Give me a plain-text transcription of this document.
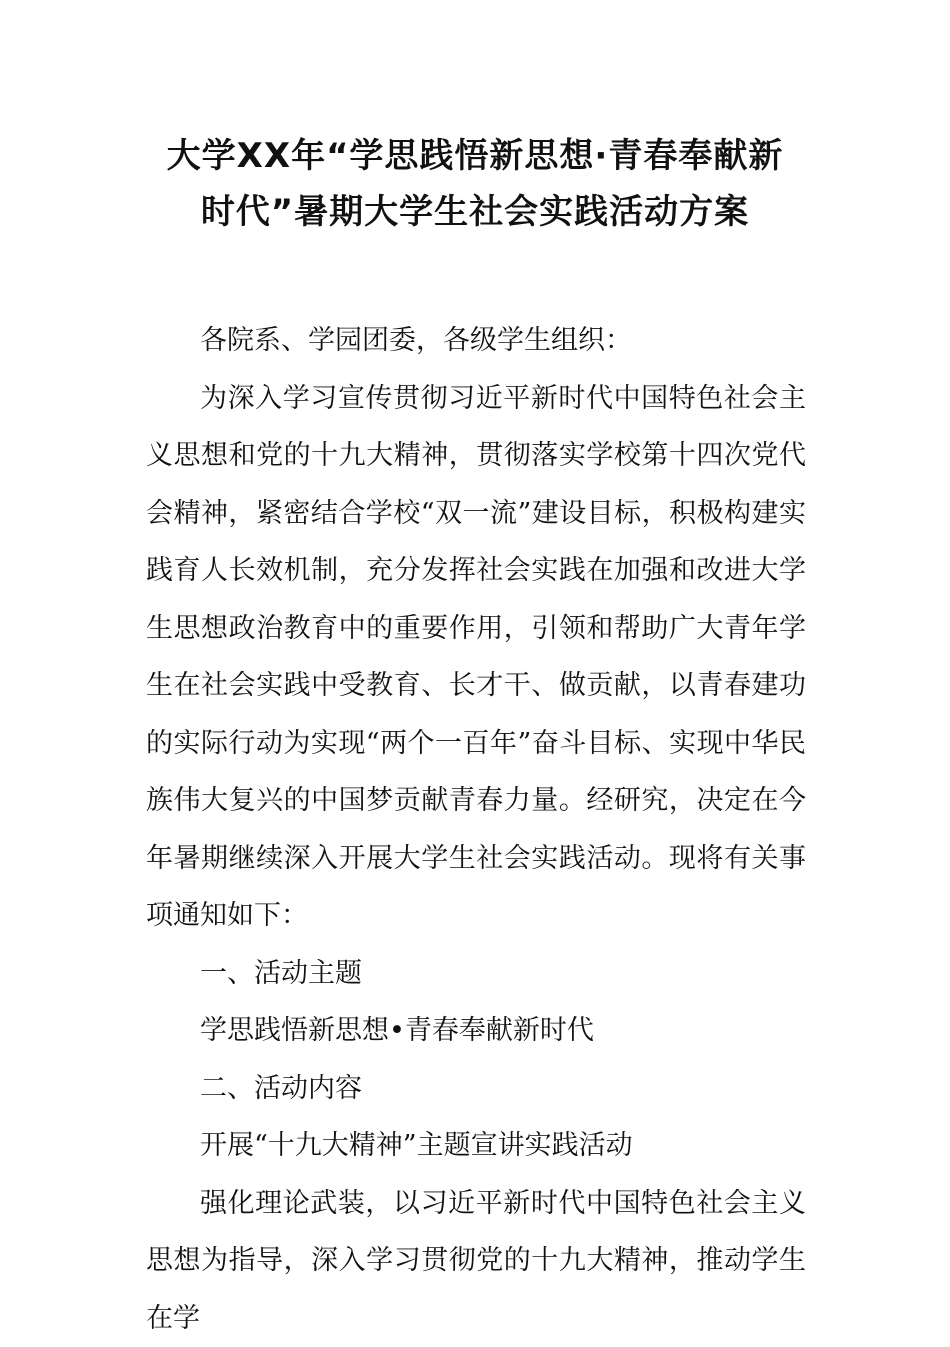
大学XX年“学思践悟新思想·青春奉献新
时代”暑期大学生社会实践活动方案

各院系、学园团委，各级学生组织：

为深入学习宣传贯彻习近平新时代中国特色社会主义思想和党的十九大精神，贯彻落实学校第十四次党代会精神，紧密结合学校“双一流”建设目标，积极构建实践育人长效机制，充分发挥社会实践在加强和改进大学生思想政治教育中的重要作用，引领和帮助广大青年学生在社会实践中受教育、长才干、做贡献，以青春建功的实际行动为实现“两个一百年”奋斗目标、实现中华民族伟大复兴的中国梦贡献青春力量。经研究，决定在今年暑期继续深入开展大学生社会实践活动。现将有关事项通知如下：

一、活动主题

学思践悟新思想•青春奉献新时代

二、活动内容

开展“十九大精神”主题宣讲实践活动

强化理论武装，以习近平新时代中国特色社会主义思想为指导，深入学习贯彻党的十九大精神，推动学生在学
